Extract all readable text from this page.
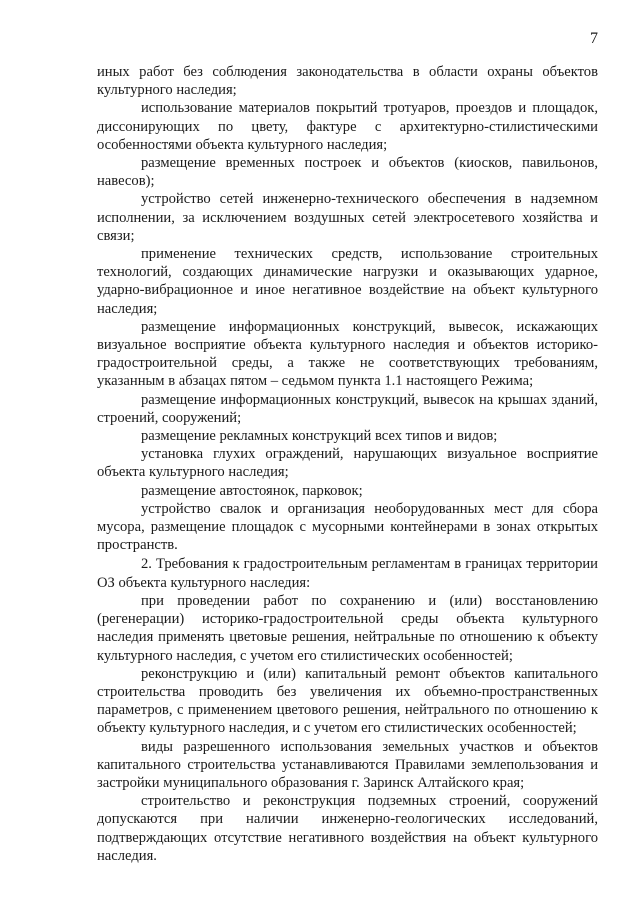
7

иных работ без соблюдения законодательства в области охраны объектов культурного наследия;

использование материалов покрытий тротуаров, проездов и площадок, диссонирующих по цвету, фактуре с архитектурно-стилистическими особенностями объекта культурного наследия;

размещение временных построек и объектов (киосков, павильонов, навесов);

устройство сетей инженерно-технического обеспечения в надземном исполнении, за исключением воздушных сетей электросетевого хозяйства и связи;

применение технических средств, использование строительных технологий, создающих динамические нагрузки и оказывающих ударное, ударно-вибрационное и иное негативное воздействие на объект культурного наследия;

размещение информационных конструкций, вывесок, искажающих визуальное восприятие объекта культурного наследия и объектов историко-градостроительной среды, а также не соответствующих требованиям, указанным в абзацах пятом – седьмом пункта 1.1 настоящего Режима;

размещение информационных конструкций, вывесок на крышах зданий, строений, сооружений;

размещение рекламных конструкций всех типов и видов;

установка глухих ограждений, нарушающих визуальное восприятие объекта культурного наследия;

размещение автостоянок, парковок;

устройство свалок и организация необорудованных мест для сбора мусора, размещение площадок с мусорными контейнерами в зонах открытых пространств.

2. Требования к градостроительным регламентам в границах территории ОЗ объекта культурного наследия:

при проведении работ по сохранению и (или) восстановлению (регенерации) историко-градостроительной среды объекта культурного наследия применять цветовые решения, нейтральные по отношению к объекту культурного наследия, с учетом его стилистических особенностей;

реконструкцию и (или) капитальный ремонт объектов капитального строительства проводить без увеличения их объемно-пространственных параметров, с применением цветового решения, нейтрального по отношению к объекту культурного наследия, и с учетом его стилистических особенностей;

виды разрешенного использования земельных участков и объектов капитального строительства устанавливаются Правилами землепользования и застройки муниципального образования г. Заринск Алтайского края;

строительство и реконструкция подземных строений, сооружений допускаются при наличии инженерно-геологических исследований, подтверждающих отсутствие негативного воздействия на объект культурного наследия.
